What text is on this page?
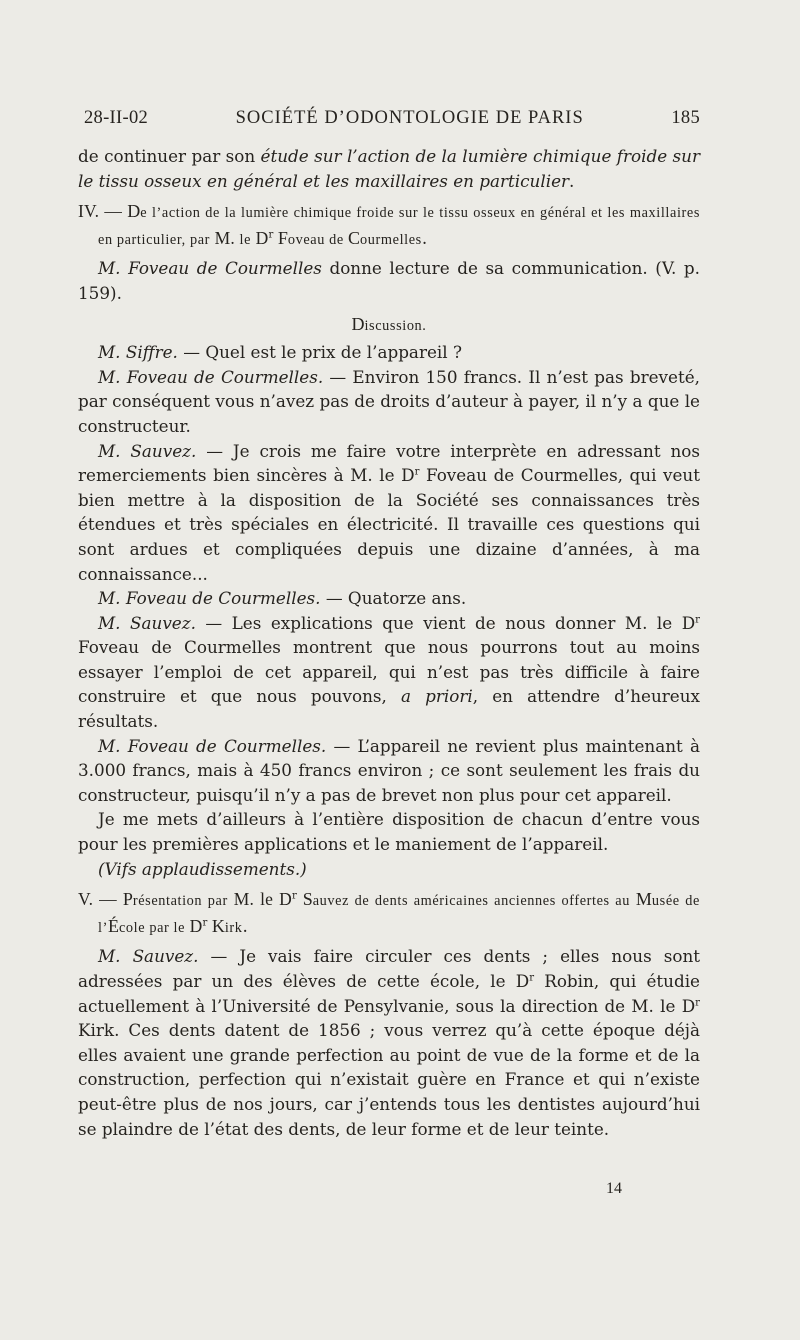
28-II-02	SOCIÉTÉ D’ODONTOLOGIE DE PARIS	185

de continuer par son étude sur l’action de la lumière chimique froide sur le tissu osseux en général et les maxillaires en particulier.

IV. — De l’action de la lumière chimique froide sur le tissu osseux en général et les maxillaires en particulier, par M. le $D^r$ Foveau de Courmelles.

M. Foveau de Courmelles donne lecture de sa communication. (V. p. 159).

Discussion.

M. Siffre. — Quel est le prix de l’appareil ?

M. Foveau de Courmelles. — Environ 150 francs. Il n’est pas breveté, par conséquent vous n’avez pas de droits d’auteur à payer, il n’y a que le constructeur.

M. Sauvez. — Je crois me faire votre interprète en adressant nos remerciements bien sincères à M. le $D^r$ Foveau de Courmelles, qui veut bien mettre à la disposition de la Société ses connaissances très étendues et très spéciales en électricité. Il travaille ces questions qui sont ardues et compliquées depuis une dizaine d’années, à ma connaissance...

M. Foveau de Courmelles. — Quatorze ans.

M. Sauvez. — Les explications que vient de nous donner M. le $D^r$ Foveau de Courmelles montrent que nous pourrons tout au moins essayer l’emploi de cet appareil, qui n’est pas très difficile à faire construire et que nous pouvons, a priori, en attendre d’heureux résultats.

M. Foveau de Courmelles. — L’appareil ne revient plus maintenant à 3.000 francs, mais à 450 francs environ ; ce sont seulement les frais du constructeur, puisqu’il n’y a pas de brevet non plus pour cet appareil.

Je me mets d’ailleurs à l’entière disposition de chacun d’entre vous pour les premières applications et le maniement de l’appareil.

(Vifs applaudissements.)

V. — Présentation par M. le $D^r$ Sauvez de dents américaines anciennes offertes au Musée de l’École par le $D^r$ Kirk.

M. Sauvez. — Je vais faire circuler ces dents ; elles nous sont adressées par un des élèves de cette école, le $D^r$ Robin, qui étudie actuellement à l’Université de Pensylvanie, sous la direction de M. le $D^r$ Kirk. Ces dents datent de 1856 ; vous verrez qu’à cette époque déjà elles avaient une grande perfection au point de vue de la forme et de la construction, perfection qui n’existait guère en France et qui n’existe peut-être plus de nos jours, car j’entends tous les dentistes aujourd’hui se plaindre de l’état des dents, de leur forme et de leur teinte.

14
